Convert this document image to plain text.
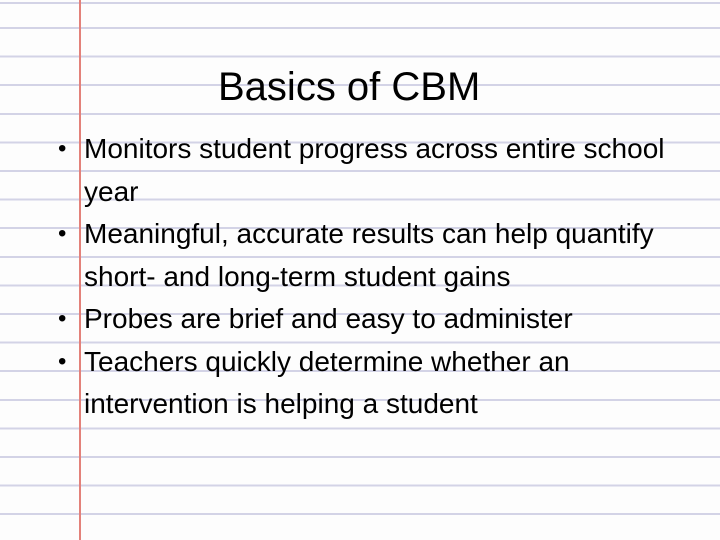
Basics of CBM
• Monitors student progress across entire school year
• Meaningful, accurate results can help quantify short- and long-term student gains
• Probes are brief and easy to administer
• Teachers quickly determine whether an intervention is helping a student
